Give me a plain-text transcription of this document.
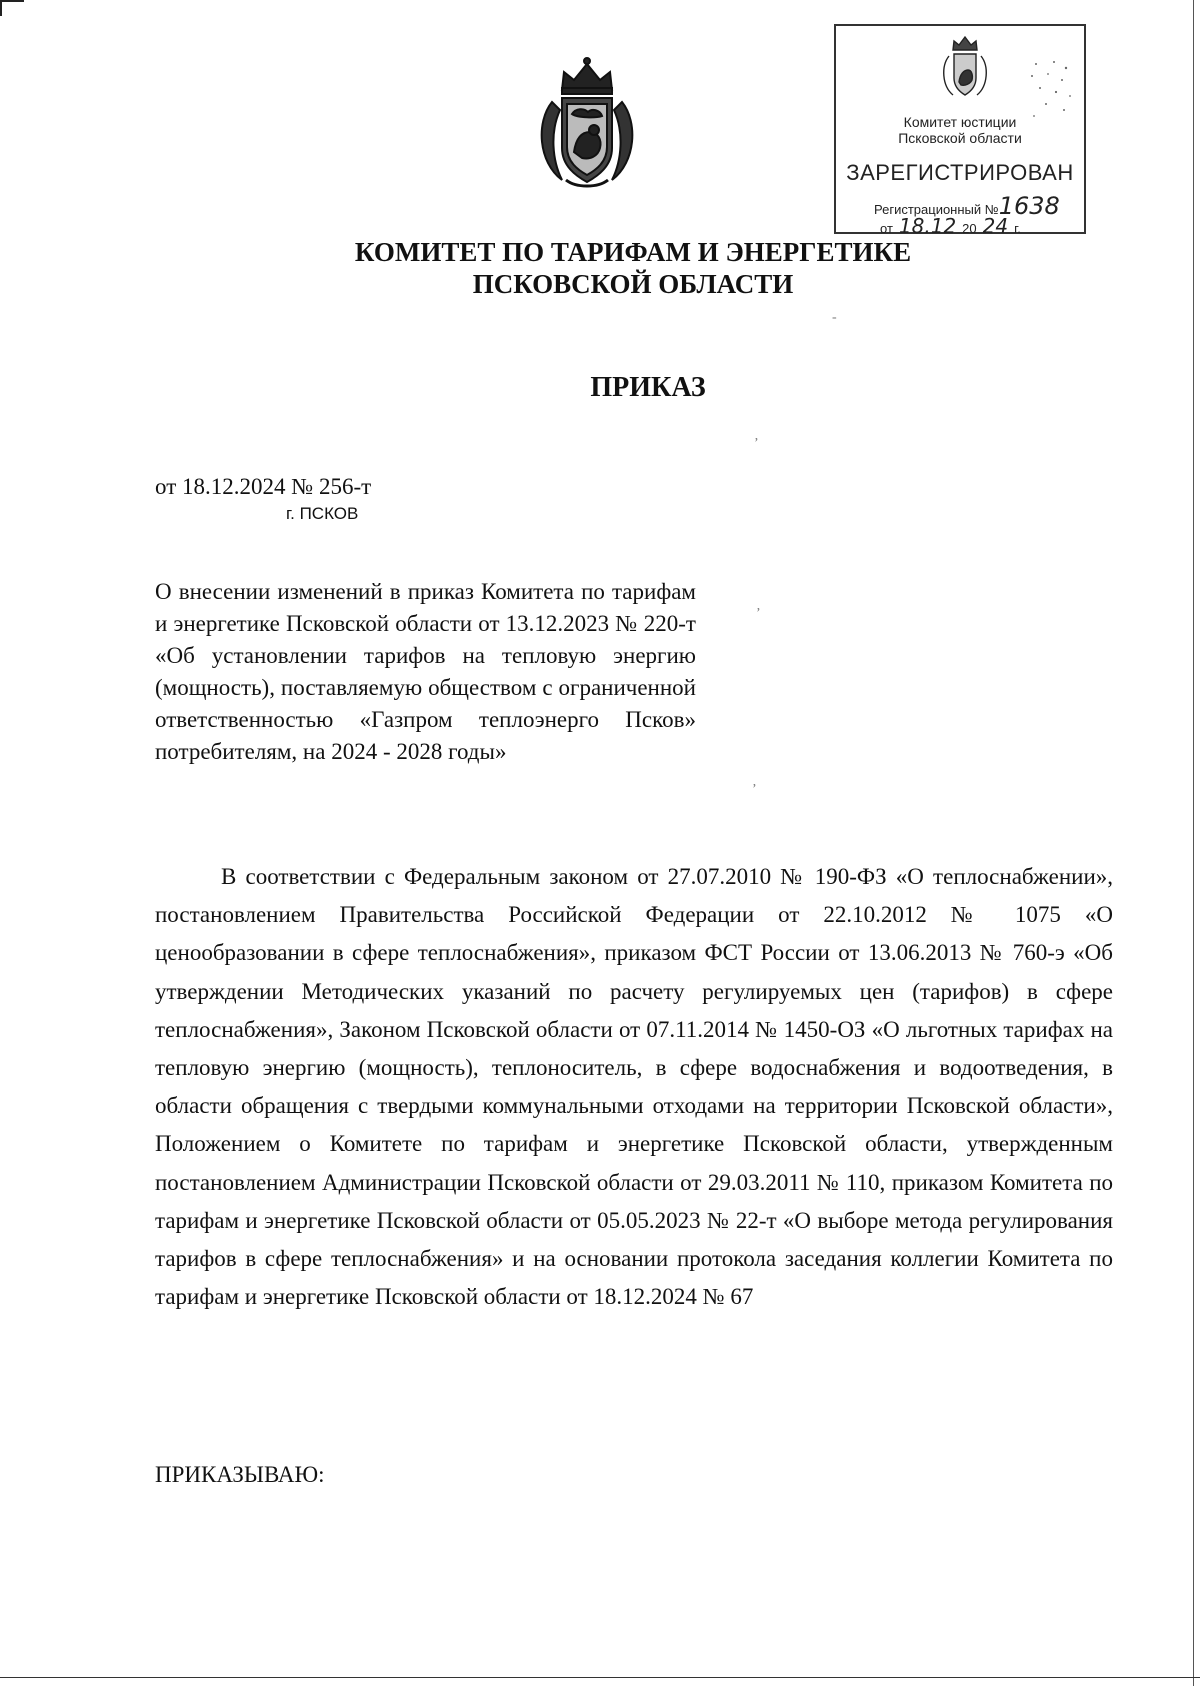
Комитет юстиции
Псковской области
ЗАРЕГИСТРИРОВАН
Регистрационный №1638
от 18.12 20 24 г.
КОМИТЕТ ПО ТАРИФАМ И ЭНЕРГЕТИКЕ
ПСКОВСКОЙ ОБЛАСТИ
ПРИКАЗ
от 18.12.2024 № 256-т
г. ПСКОВ
О внесении изменений в приказ Комитета по тарифам и энергетике Псковской области от 13.12.2023 № 220-т «Об установлении тарифов на тепловую энергию (мощность), поставляемую обществом с ограниченной ответственностью «Газпром теплоэнерго Псков» потребителям, на 2024 - 2028 годы»

В соответствии с Федеральным законом от 27.07.2010 № 190-ФЗ «О теплоснабжении», постановлением Правительства Российской Федерации от 22.10.2012 № 1075 «О ценообразовании в сфере теплоснабжения», приказом ФСТ России от 13.06.2013 № 760-э «Об утверждении Методических указаний по расчету регулируемых цен (тарифов) в сфере теплоснабжения», Законом Псковской области от 07.11.2014 № 1450-ОЗ «О льготных тарифах на тепловую энергию (мощность), теплоноситель, в сфере водоснабжения и водоотведения, в области обращения с твердыми коммунальными отходами на территории Псковской области», Положением о Комитете по тарифам и энергетике Псковской области, утвержденным постановлением Администрации Псковской области от 29.03.2011 № 110, приказом Комитета по тарифам и энергетике Псковской области от 05.05.2023 № 22-т «О выборе метода регулирования тарифов в сфере теплоснабжения» и на основании протокола заседания коллегии Комитета по тарифам и энергетике Псковской области от 18.12.2024 № 67

ПРИКАЗЫВАЮ:
ʼ
ʼ
ʼ
-
